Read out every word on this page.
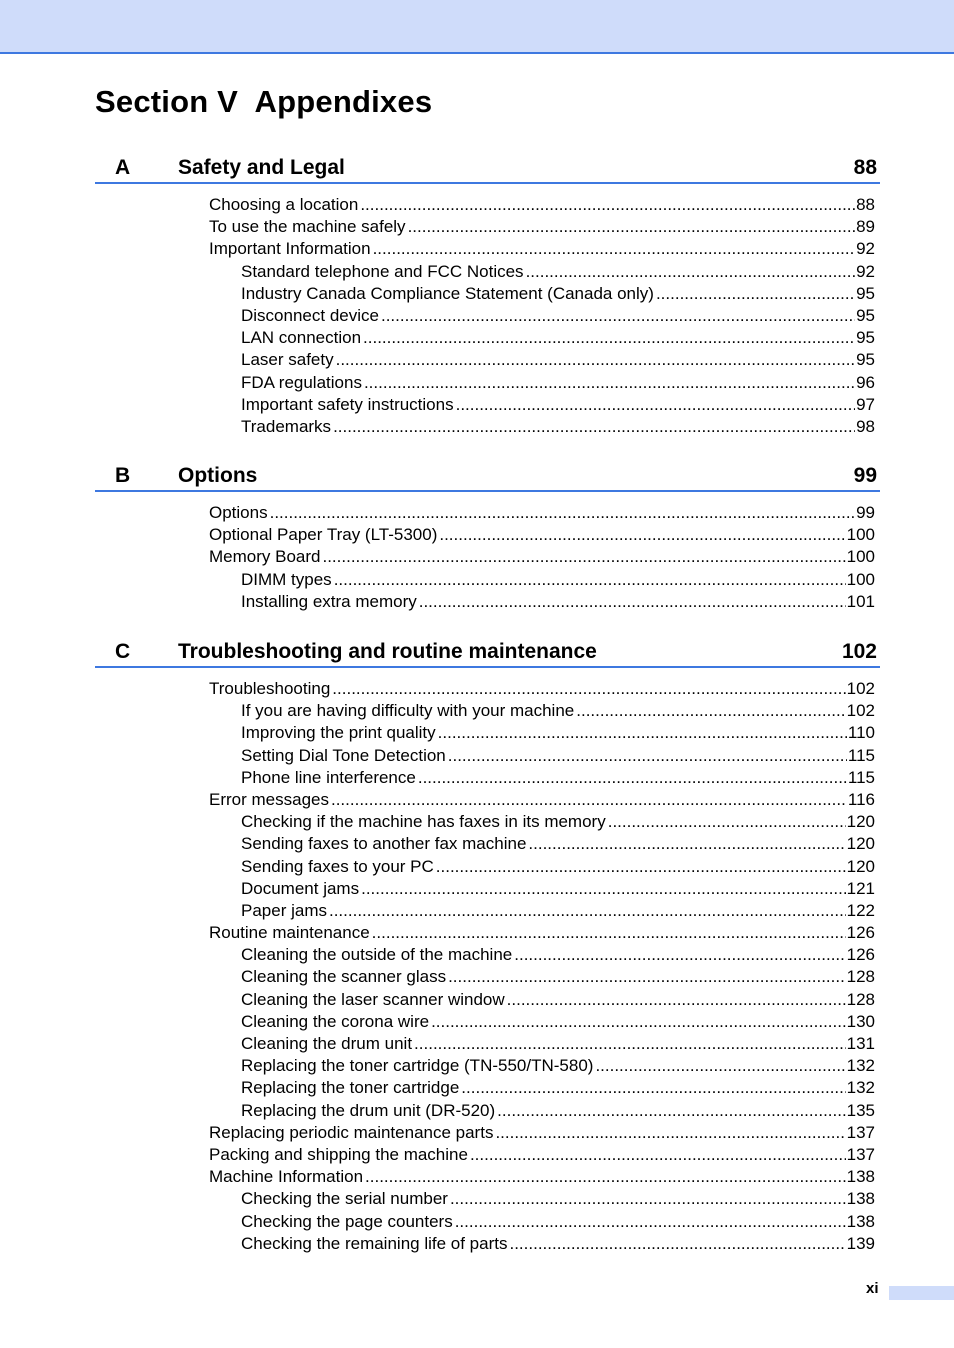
Section V Appendixes
A Safety and Legal	88
Choosing a location .....	88
To use the machine safely .....	89
Important Information .....	92
Standard telephone and FCC Notices .....	92
Industry Canada Compliance Statement (Canada only) .....	95
Disconnect device .....	95
LAN connection .....	95
Laser safety .....	95
FDA regulations .....	96
Important safety instructions .....	97
Trademarks .....	98
B Options	99
Options .....	99
Optional Paper Tray (LT-5300) .....	100
Memory Board .....	100
DIMM types .....	100
Installing extra memory .....	101
C Troubleshooting and routine maintenance	102
Troubleshooting .....	102
If you are having difficulty with your machine .....	102
Improving the print quality .....	110
Setting Dial Tone Detection .....	115
Phone line interference .....	115
Error messages .....	116
Checking if the machine has faxes in its memory .....	120
Sending faxes to another fax machine .....	120
Sending faxes to your PC .....	120
Document jams .....	121
Paper jams .....	122
Routine maintenance .....	126
Cleaning the outside of the machine .....	126
Cleaning the scanner glass .....	128
Cleaning the laser scanner window .....	128
Cleaning the corona wire .....	130
Cleaning the drum unit .....	131
Replacing the toner cartridge (TN-550/TN-580) .....	132
Replacing the toner cartridge .....	132
Replacing the drum unit (DR-520) .....	135
Replacing periodic maintenance parts .....	137
Packing and shipping the machine .....	137
Machine Information .....	138
Checking the serial number .....	138
Checking the page counters .....	138
Checking the remaining life of parts .....	139
xi
